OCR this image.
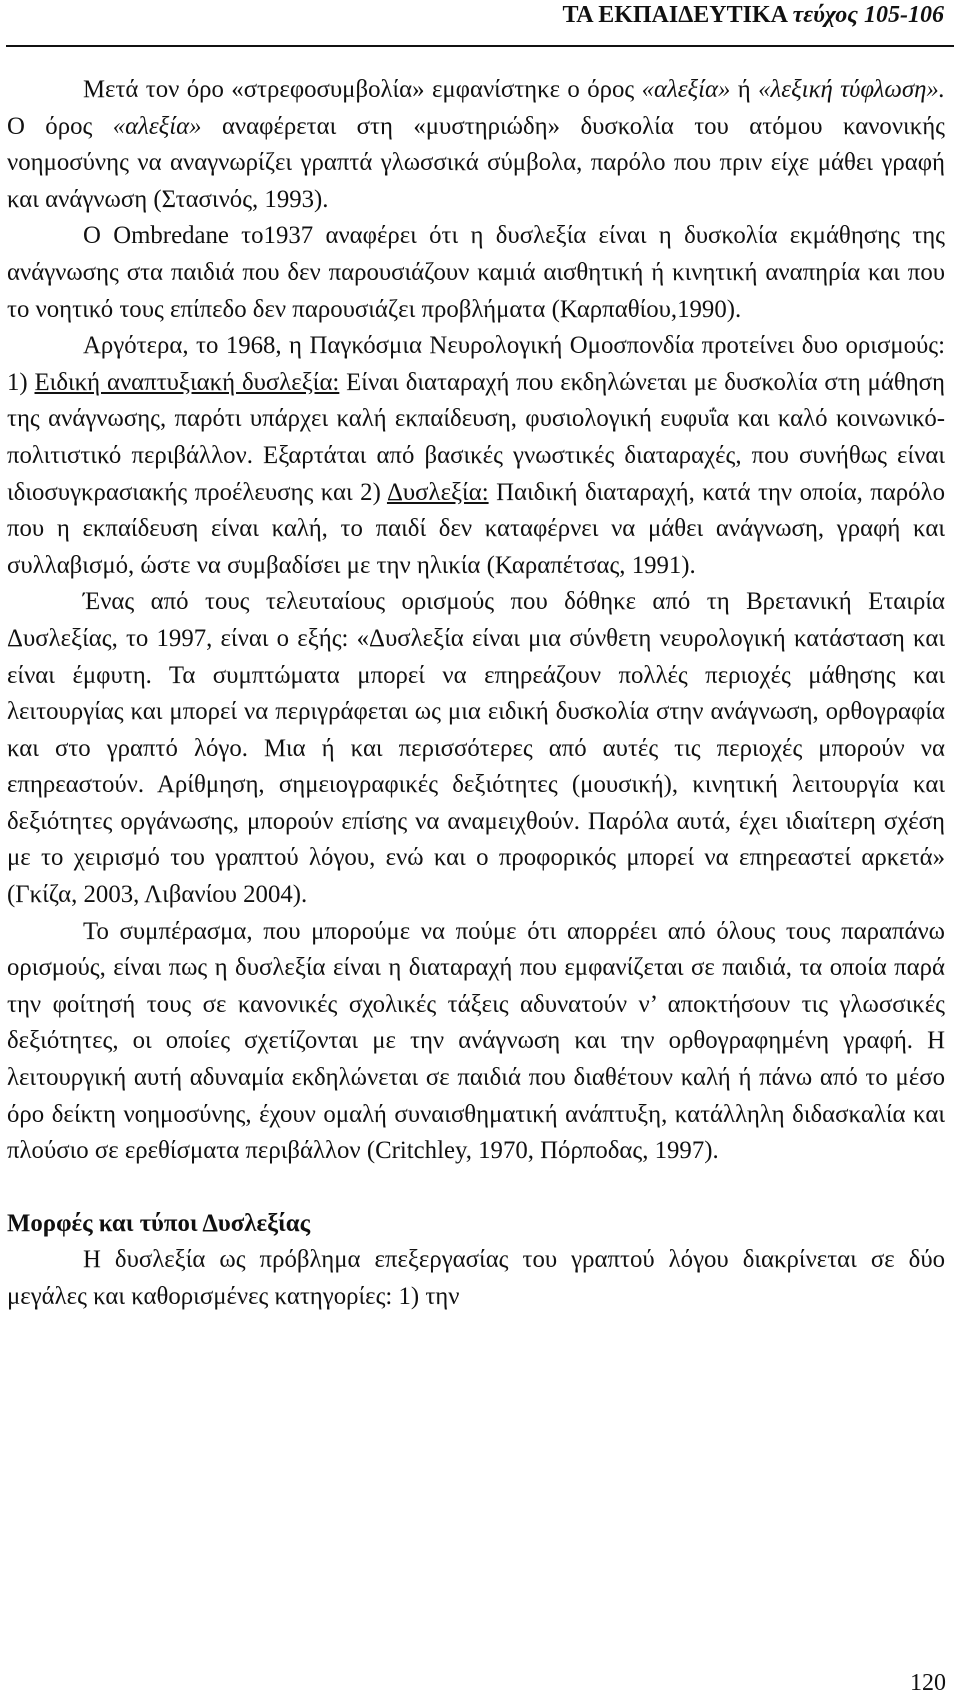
ΤΑ ΕΚΠΑΙΔΕΥΤΙΚΑ τεύχος 105-106

Μετά τον όρο «στρεφοσυμβολία» εμφανίστηκε ο όρος «αλεξία» ή «λεξική τύφλωση». Ο όρος «αλεξία» αναφέρεται στη «μυστηριώδη» δυσκολία του ατόμου κανονικής νοημοσύνης να αναγνωρίζει γραπτά γλωσσικά σύμβολα, παρόλο που πριν είχε μάθει γραφή και ανάγνωση (Στασινός, 1993).

Ο Ombredane το1937 αναφέρει ότι η δυσλεξία είναι η δυσκολία εκμάθησης της ανάγνωσης στα παιδιά που δεν παρουσιάζουν καμιά αισθητική ή κινητική αναπηρία και που το νοητικό τους επίπεδο δεν παρουσιάζει προβλήματα (Καρπαθίου,1990).

Αργότερα, το 1968, η Παγκόσμια Νευρολογική Ομοσπονδία προτείνει δυο ορισμούς: 1) Ειδική αναπτυξιακή δυσλεξία: Είναι διαταραχή που εκδηλώνεται με δυσκολία στη μάθηση της ανάγνωσης, παρότι υπάρχει καλή εκπαίδευση, φυσιολογική ευφυΐα και καλό κοινωνικό-πολιτιστικό περιβάλλον. Εξαρτάται από βασικές γνωστικές διαταραχές, που συνήθως είναι ιδιοσυγκρασιακής προέλευσης και 2) Δυσλεξία: Παιδική διαταραχή, κατά την οποία, παρόλο που η εκπαίδευση είναι καλή, το παιδί δεν καταφέρνει να μάθει ανάγνωση, γραφή και συλλαβισμό, ώστε να συμβαδίσει με την ηλικία (Καραπέτσας, 1991).

Ένας από τους τελευταίους ορισμούς που δόθηκε από τη Βρετανική Εταιρία Δυσλεξίας, το 1997, είναι ο εξής: «Δυσλεξία είναι μια σύνθετη νευρολογική κατάσταση και είναι έμφυτη. Τα συμπτώματα μπορεί να επηρεάζουν πολλές περιοχές μάθησης και λειτουργίας και μπορεί να περιγράφεται ως μια ειδική δυσκολία στην ανάγνωση, ορθογραφία και στο γραπτό λόγο. Μια ή και περισσότερες από αυτές τις περιοχές μπορούν να επηρεαστούν. Αρίθμηση, σημειογραφικές δεξιότητες (μουσική), κινητική λειτουργία και δεξιότητες οργάνωσης, μπορούν επίσης να αναμειχθούν. Παρόλα αυτά, έχει ιδιαίτερη σχέση με το χειρισμό του γραπτού λόγου, ενώ και ο προφορικός μπορεί να επηρεαστεί αρκετά» (Γκίζα, 2003, Λιβανίου 2004).

Το συμπέρασμα, που μπορούμε να πούμε ότι απορρέει από όλους τους παραπάνω ορισμούς, είναι πως η δυσλεξία είναι η διαταραχή που εμφανίζεται σε παιδιά, τα οποία παρά την φοίτησή τους σε κανονικές σχολικές τάξεις αδυνατούν ν’ αποκτήσουν τις γλωσσικές δεξιότητες, οι οποίες σχετίζονται με την ανάγνωση και την ορθογραφημένη γραφή. Η λειτουργική αυτή αδυναμία εκδηλώνεται σε παιδιά που διαθέτουν καλή ή πάνω από το μέσο όρο δείκτη νοημοσύνης, έχουν ομαλή συναισθηματική ανάπτυξη, κατάλληλη διδασκαλία και πλούσιο σε ερεθίσματα περιβάλλον (Critchley, 1970, Πόρποδας, 1997).

Μορφές και τύποι Δυσλεξίας

Η δυσλεξία ως πρόβλημα επεξεργασίας του γραπτού λόγου διακρίνεται σε δύο μεγάλες και καθορισμένες κατηγορίες: 1) την

120
